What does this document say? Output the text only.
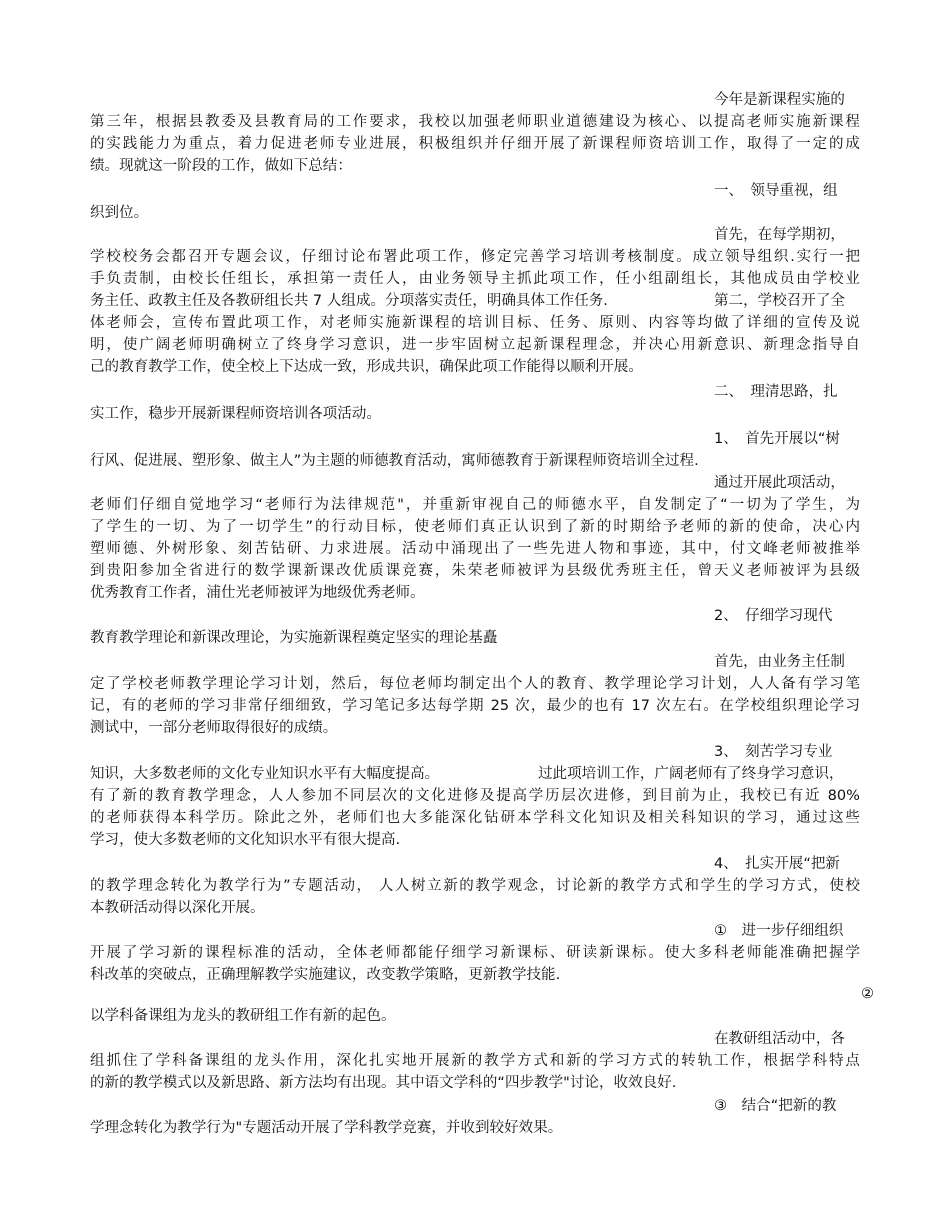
今年是新课程实施的
第三年，根据县教委及县教育局的工作要求，我校以加强老师职业道德建设为核心、以提高老师实施新课程
的实践能力为重点，着力促进老师专业进展，积极组织并仔细开展了新课程师资培训工作，取得了一定的成
绩。现就这一阶段的工作，做如下总结：
一、　领导重视，组
织到位。
首先，在每学期初，
学校校务会都召开专题会议，仔细讨论布署此项工作，修定完善学习培训考核制度。成立领导组织.实行一把
手负责制，由校长任组长，承担第一责任人，由业务领导主抓此项工作，任小组副组长，其他成员由学校业
务主任、政教主任及各教研组长共 7 人组成。分项落实责任，明确具体工作任务.	第二，学校召开了全
体老师会，宣传布置此项工作，对老师实施新课程的培训目标、任务、原则、内容等均做了详细的宣传及说
明，使广阔老师明确树立了终身学习意识，进一步牢固树立起新课程理念，并决心用新意识、新理念指导自
己的教育教学工作，使全校上下达成一致，形成共识，确保此项工作能得以顺利开展。
二、　理清思路，扎
实工作，稳步开展新课程师资培训各项活动。
1、　首先开展以“树
行风、促进展、塑形象、做主人”为主题的师德教育活动，寓师德教育于新课程师资培训全过程.
通过开展此项活动，
老师们仔细自觉地学习“老师行为法律规范"，并重新审视自己的师德水平，自发制定了“一切为了学生，为
了学生的一切、为了一切学生”的行动目标，使老师们真正认识到了新的时期给予老师的新的使命，决心内
塑师德、外树形象、刻苦钻研、力求进展。活动中涌现出了一些先进人物和事迹，其中，付文峰老师被推举
到贵阳参加全省进行的数学课新课改优质课竞赛，朱荣老师被评为县级优秀班主任，曾天义老师被评为县级
优秀教育工作者，浦仕光老师被评为地级优秀老师。
2、　仔细学习现代
教育教学理论和新课改理论，为实施新课程奠定坚实的理论基矗
首先，由业务主任制
定了学校老师教学理论学习计划，然后，每位老师均制定出个人的教育、教学理论学习计划，人人备有学习笔
记，有的老师的学习非常仔细细致，学习笔记多达每学期 25 次，最少的也有 17 次左右。在学校组织理论学习
测试中，一部分老师取得很好的成绩。
3、　刻苦学习专业
知识，大多数老师的文化专业知识水平有大幅度提高。	过此项培训工作，广阔老师有了终身学习意识，
有了新的教育教学理念，人人参加不同层次的文化进修及提高学历层次进修，到目前为止，我校已有近 80%
的老师获得本科学历。除此之外，老师们也大多能深化钻研本学科文化知识及相关科知识的学习，通过这些
学习，使大多数老师的文化知识水平有很大提高.
4、　扎实开展“把新
的教学理念转化为教学行为”专题活动， 人人树立新的教学观念，讨论新的教学方式和学生的学习方式，使校
本教研活动得以深化开展。
①　进一步仔细组织
开展了学习新的课程标准的活动，全体老师都能仔细学习新课标、研读新课标。使大多科老师能准确把握学
科改革的突破点，正确理解教学实施建议，改变教学策略，更新教学技能.
②
以学科备课组为龙头的教研组工作有新的起色。
在教研组活动中，各
组抓住了学科备课组的龙头作用，深化扎实地开展新的教学方式和新的学习方式的转轨工作，根据学科特点
的新的教学模式以及新思路、新方法均有出现。其中语文学科的“四步教学"讨论，收效良好.
③　结合“把新的教
学理念转化为教学行为"专题活动开展了学科教学竞赛，并收到较好效果。
